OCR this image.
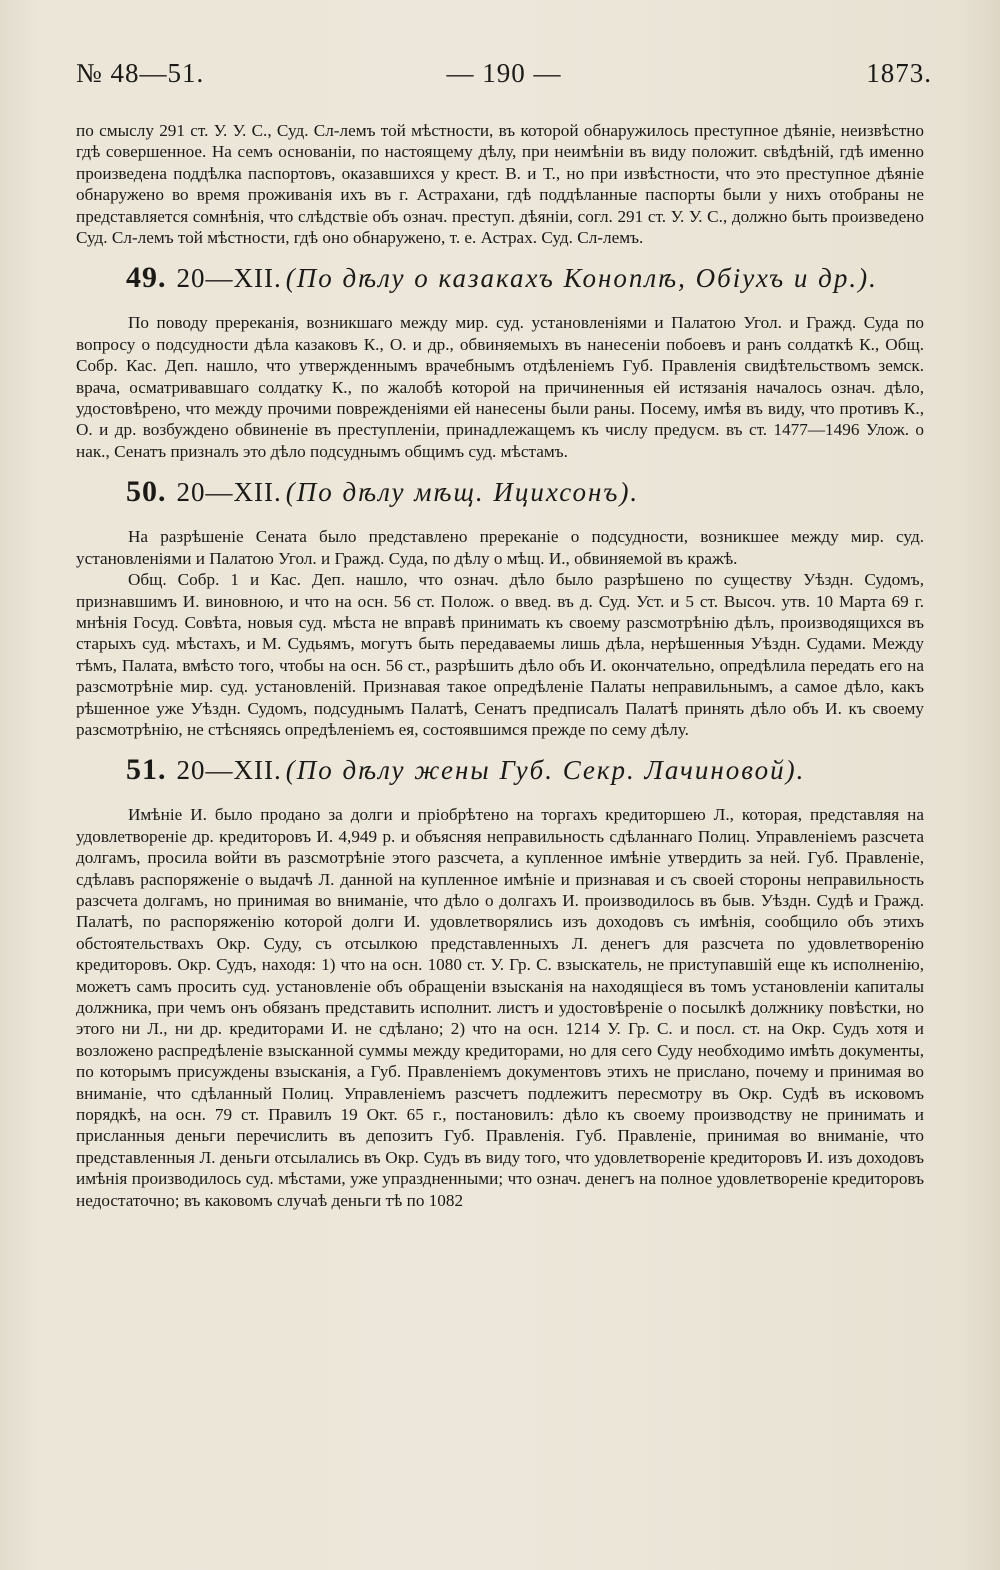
№ 48—51.	— 190 —	1873.

по смыслу 291 ст. У. У. С., Суд. Сл-лемъ той мѣстности, въ которой обнаружилось преступное дѣяніе, неизвѣстно гдѣ совершенное. На семъ основаніи, по настоящему дѣлу, при неимѣніи въ виду положит. свѣдѣній, гдѣ именно произведена поддѣлка паспортовъ, оказавшихся у крест. В. и Т., но при извѣстности, что это преступное дѣяніе обнаружено во время проживанія ихъ въ г. Астрахани, гдѣ поддѣланные паспорты были у нихъ отобраны не представляется сомнѣнія, что слѣдствіе объ означ. преступ. дѣяніи, согл. 291 ст. У. У. С., должно быть произведено Суд. Сл-лемъ той мѣстности, гдѣ оно обнаружено, т. е. Астрах. Суд. Сл-лемъ.

49. 20—XII. (По дѣлу о казакахъ Коноплѣ, Обіухъ и др.).

По поводу пререканія, возникшаго между мир. суд. установленіями и Палатою Угол. и Гражд. Суда по вопросу о подсудности дѣла казаковъ К., О. и др., обвиняемыхъ въ нанесеніи побоевъ и ранъ солдаткѣ К., Общ. Собр. Кас. Деп. нашло, что утвержденнымъ врачебнымъ отдѣленіемъ Губ. Правленія свидѣтельствомъ земск. врача, осматривавшаго солдатку К., по жалобѣ которой на причиненныя ей истязанія началось означ. дѣло, удостовѣрено, что между прочими повреждeніями ей нанесены были раны. Посему, имѣя въ виду, что противъ К., О. и др. возбуждено обвиненіе въ преступленіи, принадлежащемъ къ числу предусм. въ ст. 1477—1496 Улож. о нак., Сенатъ призналъ это дѣло подсуднымъ общимъ суд. мѣстамъ.

50. 20—XII. (По дѣлу мѣщ. Ицихсонъ).

На разрѣшеніе Сената было представлено пререканіе о подсудности, возникшее между мир. суд. установленіями и Палатою Угол. и Гражд. Суда, по дѣлу о мѣщ. И., обвиняемой въ кражѣ.

Общ. Собр. 1 и Кас. Деп. нашло, что означ. дѣло было разрѣшено по существу Уѣздн. Судомъ, признавшимъ И. виновною, и что на осн. 56 ст. Полож. о введ. въ д. Суд. Уст. и 5 ст. Высоч. утв. 10 Марта 69 г. мнѣнія Госуд. Совѣта, новыя суд. мѣста не вправѣ принимать къ своему разсмотрѣнію дѣлъ, производящихся въ старыхъ суд. мѣстахъ, и М. Судьямъ, могутъ быть передаваемы лишь дѣла, нерѣшенныя Уѣздн. Судами. Между тѣмъ, Палата, вмѣсто того, чтобы на осн. 56 ст., разрѣшить дѣло объ И. окончательно, опредѣлила передать его на разсмотрѣніе мир. суд. установленій. Признавая такое опредѣленіе Палаты неправильнымъ, а самое дѣло, какъ рѣшенное уже Уѣздн. Судомъ, подсуднымъ Палатѣ, Сенатъ предписалъ Палатѣ принять дѣло объ И. къ своему разсмотрѣнію, не стѣсняясь опредѣленіемъ ея, состоявшимся прежде по сему дѣлу.

51. 20—XII. (По дѣлу жены Губ. Секр. Лачиновой).

Имѣніе И. было продано за долги и пріобрѣтено на торгахъ кредиторшею Л., которая, представляя на удовлетвореніе др. кредиторовъ И. 4,949 р. и объясняя неправильность сдѣланнаго Полиц. Управленіемъ разсчета долгамъ, просила войти въ разсмотрѣніе этого разсчета, а купленное имѣніе утвердить за ней. Губ. Правленіе, сдѣлавъ распоряженіе о выдачѣ Л. данной на купленное имѣніе и признавая и съ своей стороны неправильность разсчета долгамъ, но принимая во вниманіе, что дѣло о долгахъ И. производилось въ быв. Уѣздн. Судѣ и Гражд. Палатѣ, по распоряженію которой долги И. удовлетворялись изъ доходовъ съ имѣнія, сообщило объ этихъ обстоятельствахъ Окр. Суду, съ отсылкою представленныхъ Л. денегъ для разсчета по удовлетворенію кредиторовъ. Окр. Судъ, находя: 1) что на осн. 1080 ст. У. Гр. С. взыскатель, не приступавшій еще къ исполненію, можетъ самъ просить суд. установленіе объ обращеніи взысканія на находящіеся въ томъ установленіи капиталы должника, при чемъ онъ обязанъ представить исполнит. листъ и удостовѣреніе о посылкѣ должнику повѣстки, но этого ни Л., ни др. кредиторами И. не сдѣлано; 2) что на осн. 1214 У. Гр. С. и посл. ст. на Окр. Судъ хотя и возложено распредѣленіе взысканной суммы между кредиторами, но для сего Суду необходимо имѣть документы, по которымъ присуждены взысканія, а Губ. Правленіемъ документовъ этихъ не прислано, почему и принимая во вниманіе, что сдѣланный Полиц. Управленіемъ разсчетъ подлежитъ пересмотру въ Окр. Судѣ въ исковомъ порядкѣ, на осн. 79 ст. Правилъ 19 Окт. 65 г., постановилъ: дѣло къ своему производству не принимать и присланныя деньги перечислить въ депозитъ Губ. Правленія. Губ. Правленіе, принимая во вниманіе, что представленныя Л. деньги отсылались въ Окр. Судъ въ виду того, что удовлетвореніе кредиторовъ И. изъ доходовъ имѣнія производилось суд. мѣстами, уже упраздненными; что означ. денегъ на полное удовлетвореніе кредиторовъ недостаточно; въ каковомъ случаѣ деньги тѣ по 1082
